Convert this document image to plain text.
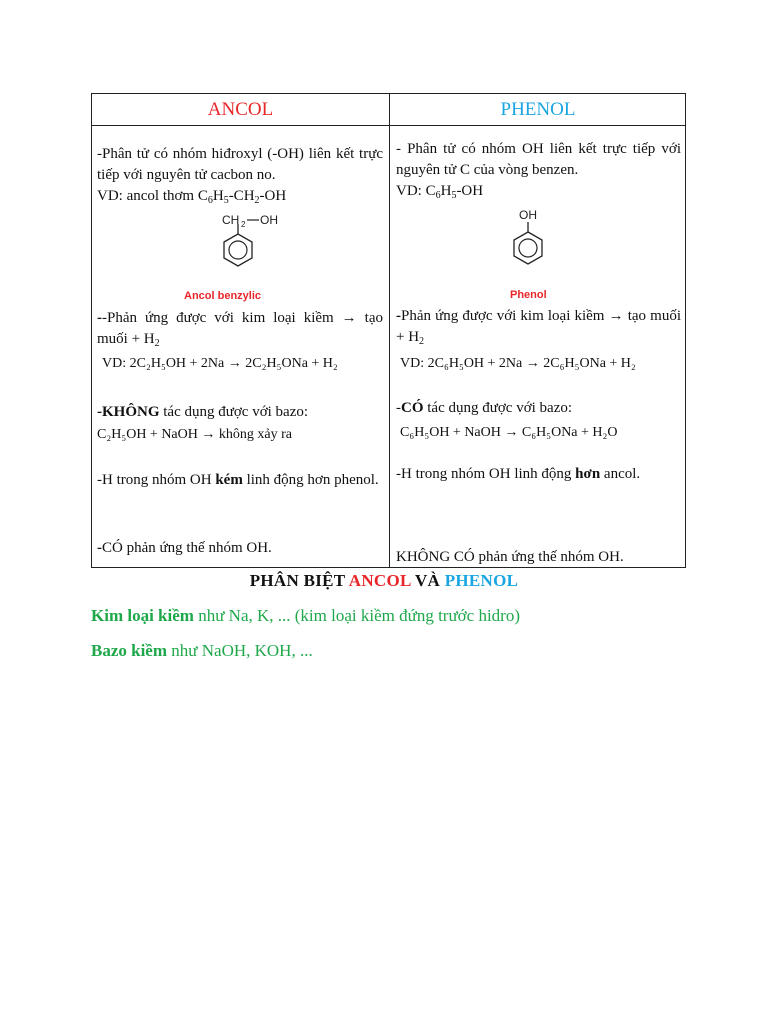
ANCOL	PHENOL
-Phân tử có nhóm hiđroxyl (-OH) liên kết trực tiếp với nguyên tử cacbon no.
VD: ancol thơm $C_6H_5-CH_2-OH$
CH 2 OH
Ancol benzylic
--Phản ứng được với kim loại kiềm → tạo muối + $H_2$
VD: 2C₂H₅OH + 2Na → 2C₂H₅ONa + H₂
-KHÔNG tác dụng được với bazo:
C₂H₅OH + NaOH → không xảy ra
-H trong nhóm OH kém linh động hơn phenol.
-CÓ phản ứng thế nhóm OH.
- Phân tử có nhóm OH liên kết trực tiếp với nguyên tử C của vòng benzen.
VD: $C_6H_5-OH$
OH
Phenol
-Phản ứng được với kim loại kiềm → tạo muối + $H_2$
VD: 2C₆H₅OH + 2Na → 2C₆H₅ONa + H₂
-CÓ tác dụng được với bazo:
C₆H₅OH + NaOH → C₆H₅ONa + H₂O
-H trong nhóm OH linh động hơn ancol.
KHÔNG CÓ phản ứng thế nhóm OH.
PHÂN BIỆT ANCOL VÀ PHENOL
Kim loại kiềm như Na, K, ... (kim loại kiềm đứng trước hidro)
Bazo kiềm như NaOH, KOH, ...
